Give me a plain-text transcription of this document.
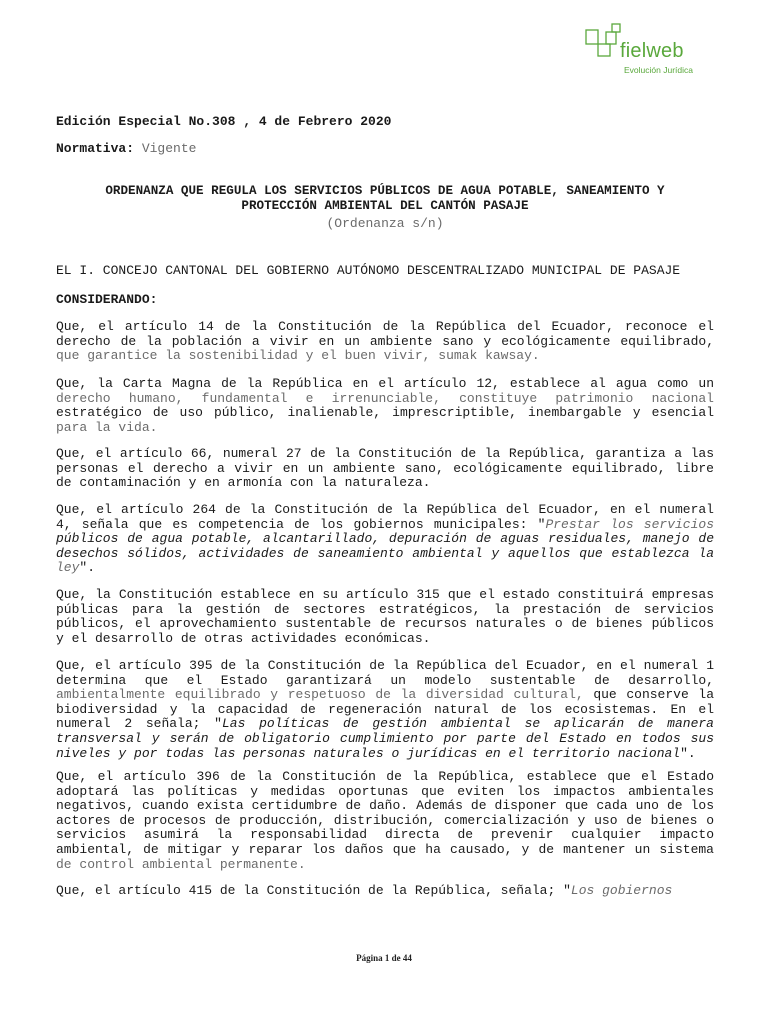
fielweb
Evolución Jurídica
Edición Especial No.308 , 4 de Febrero 2020
Normativa: Vigente
ORDENANZA QUE REGULA LOS SERVICIOS PÚBLICOS DE AGUA POTABLE, SANEAMIENTO Y
PROTECCIÓN AMBIENTAL DEL CANTÓN PASAJE
(Ordenanza s/n)
EL I. CONCEJO CANTONAL DEL GOBIERNO AUTÓNOMO DESCENTRALIZADO MUNICIPAL DE PASAJE
CONSIDERANDO:
Que, el artículo 14 de la Constitución de la República del Ecuador, reconoce el derecho de la población a vivir en un ambiente sano y ecológicamente equilibrado, que garantice la sostenibilidad y el buen vivir, sumak kawsay.
Que, la Carta Magna de la República en el artículo 12, establece al agua como un derecho humano, fundamental e irrenunciable, constituye patrimonio nacional estratégico de uso público, inalienable, imprescriptible, inembargable y esencial para la vida.
Que, el artículo 66, numeral 27 de la Constitución de la República, garantiza a las personas el derecho a vivir en un ambiente sano, ecológicamente equilibrado, libre de contaminación y en armonía con la naturaleza.
Que, el artículo 264 de la Constitución de la República del Ecuador, en el numeral 4, señala que es competencia de los gobiernos municipales: "Prestar los servicios públicos de agua potable, alcantarillado, depuración de aguas residuales, manejo de desechos sólidos, actividades de saneamiento ambiental y aquellos que establezca la ley".
Que, la Constitución establece en su artículo 315 que el estado constituirá empresas públicas para la gestión de sectores estratégicos, la prestación de servicios públicos, el aprovechamiento sustentable de recursos naturales o de bienes públicos y el desarrollo de otras actividades económicas.
Que, el artículo 395 de la Constitución de la República del Ecuador, en el numeral 1 determina que el Estado garantizará un modelo sustentable de desarrollo, ambientalmente equilibrado y respetuoso de la diversidad cultural, que conserve la biodiversidad y la capacidad de regeneración natural de los ecosistemas. En el numeral 2 señala; "Las políticas de gestión ambiental se aplicarán de manera transversal y serán de obligatorio cumplimiento por parte del Estado en todos sus niveles y por todas las personas naturales o jurídicas en el territorio nacional".
Que, el artículo 396 de la Constitución de la República, establece que el Estado adoptará las políticas y medidas oportunas que eviten los impactos ambientales negativos, cuando exista certidumbre de daño. Además de disponer que cada uno de los actores de procesos de producción, distribución, comercialización y uso de bienes o servicios asumirá la responsabilidad directa de prevenir cualquier impacto ambiental, de mitigar y reparar los daños que ha causado, y de mantener un sistema de control ambiental permanente.
Que, el artículo 415 de la Constitución de la República, señala; "Los gobiernos
Página 1 de 44
